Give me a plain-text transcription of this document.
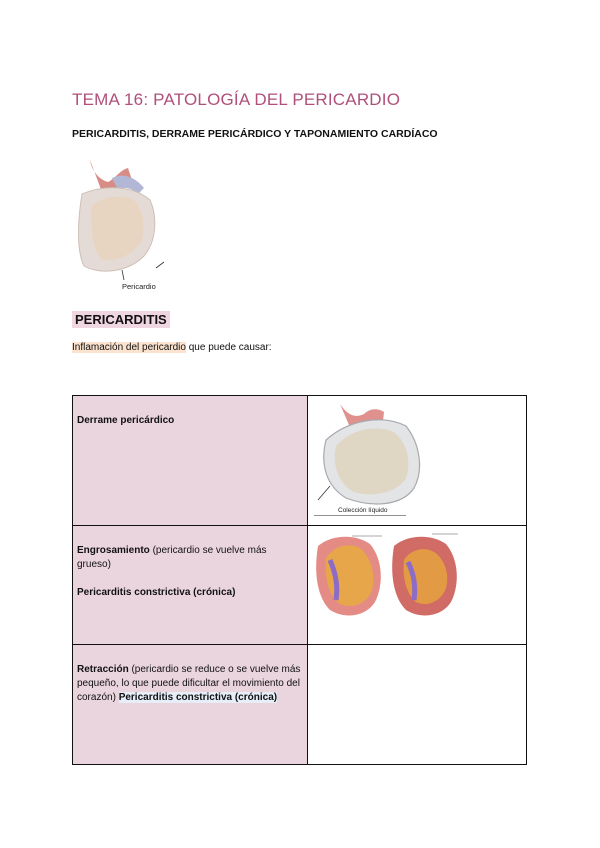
TEMA 16: PATOLOGÍA DEL PERICARDIO
PERICARDITIS, DERRAME PERICÁRDICO Y TAPONAMIENTO CARDÍACO
Pericardio
PERICARDITIS
Inflamación del pericardio que puede causar:
Derrame pericárdico	Colección líquido

Engrosamiento (pericardio se vuelve más grueso)
Pericarditis constrictiva (crónica)	
Retracción (pericardio se reduce o se vuelve más pequeño, lo que puede dificultar el movimiento del corazón) Pericarditis constrictiva (crónica)	
